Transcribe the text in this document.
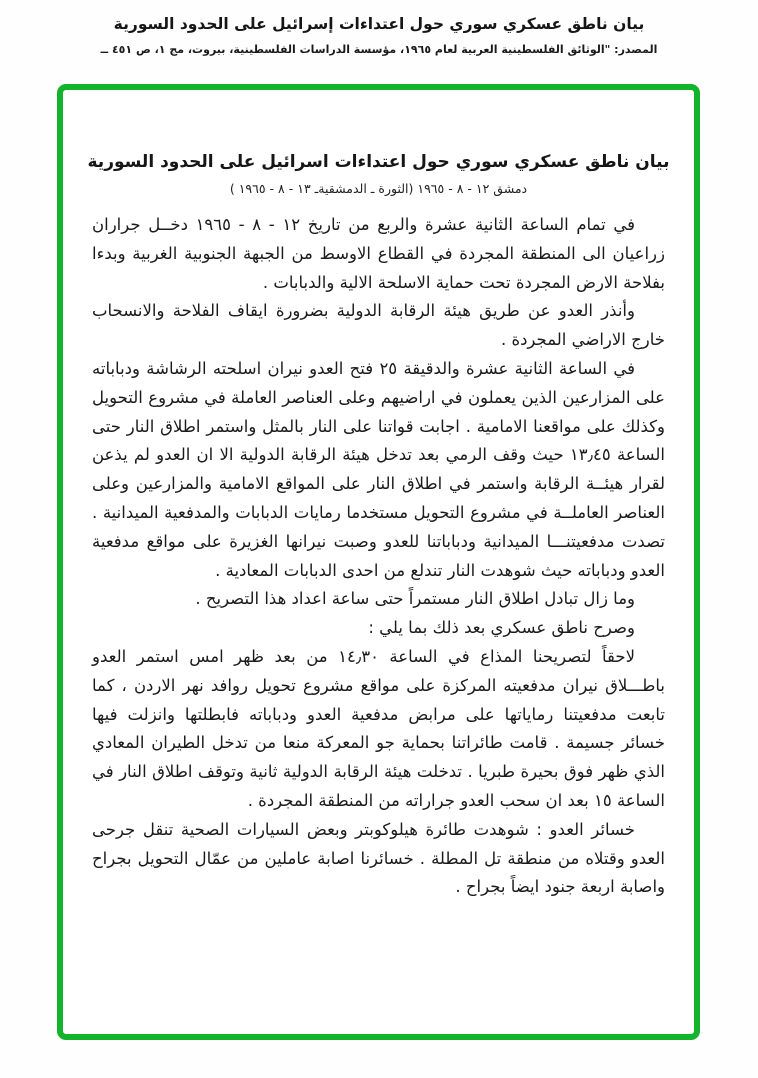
بيان ناطق عسكري سوري حول اعتداءات إسرائيل على الحدود السورية
المصدر: "الوثائق الفلسطينية العربية لعام ١٩٦٥، مؤسسة الدراسات الفلسطينية، بيروت، مج ١، ص ٤٥١ ــ
بيان ناطق عسكري سوري حول اعتداءات اسرائيل على الحدود السورية
دمشق ١٢ - ٨ - ١٩٦٥ (الثورة ـ الدمشقيةـ ١٣ - ٨ - ١٩٦٥ )

في تمام الساعة الثانية عشرة والربع من تاريخ ١٢ - ٨ - ١٩٦٥ دخــل جراران زراعيان الى المنطقة المجردة في القطاع الاوسط من الجبهة الجنوبية الغربية وبدءا بفلاحة الارض المجردة تحت حماية الاسلحة الالية والدبابات .

وأنذر العدو عن طريق هيئة الرقابة الدولية بضرورة ايقاف الفلاحة والانسحاب خارج الاراضي المجردة .

في الساعة الثانية عشرة والدقيقة ٢٥ فتح العدو نيران اسلحته الرشاشة ودباباته على المزارعين الذين يعملون في اراضيهم وعلى العناصر العاملة في مشروع التحويل وكذلك على مواقعنا الامامية . اجابت قواتنا على النار بالمثل واستمر اطلاق النار حتى الساعة ١٣٫٤٥ حيث وقف الرمي بعد تدخل هيئة الرقابة الدولية الا ان العدو لم يذعن لقرار هيئــة الرقابة واستمر في اطلاق النار على المواقع الامامية والمزارعين وعلى العناصر العاملــة في مشروع التحويل مستخدما رمايات الدبابات والمدفعية الميدانية . تصدت مدفعيتنـــا الميدانية ودباباتنا للعدو وصبت نيرانها الغزيرة على مواقع مدفعية العدو ودباباته حيث شوهدت النار تندلع من احدى الدبابات المعادية .

وما زال تبادل اطلاق النار مستمراً حتى ساعة اعداد هذا التصريح .

وصرح ناطق عسكري بعد ذلك بما يلي :

لاحقاً لتصريحنا المذاع في الساعة ١٤٫٣٠ من بعد ظهر امس استمر العدو باطـــلاق نيران مدفعيته المركزة على مواقع مشروع تحويل روافد نهر الاردن ، كما تابعت مدفعيتنا رماياتها على مرابض مدفعية العدو ودباباته فابطلتها وانزلت فيها خسائر جسيمة . قامت طائراتنا بحماية جو المعركة منعا من تدخل الطيران المعادي الذي ظهر فوق بحيرة طبريا . تدخلت هيئة الرقابة الدولية ثانية وتوقف اطلاق النار في الساعة ١٥ بعد ان سحب العدو جراراته من المنطقة المجردة .

خسائر العدو : شوهدت طائرة هيلوكوبتر وبعض السيارات الصحية تنقل جرحى العدو وقتلاه من منطقة تل المطلة . خسائرنا اصابة عاملين من عمّال التحويل بجراح واصابة اربعة جنود ايضاً بجراح .
